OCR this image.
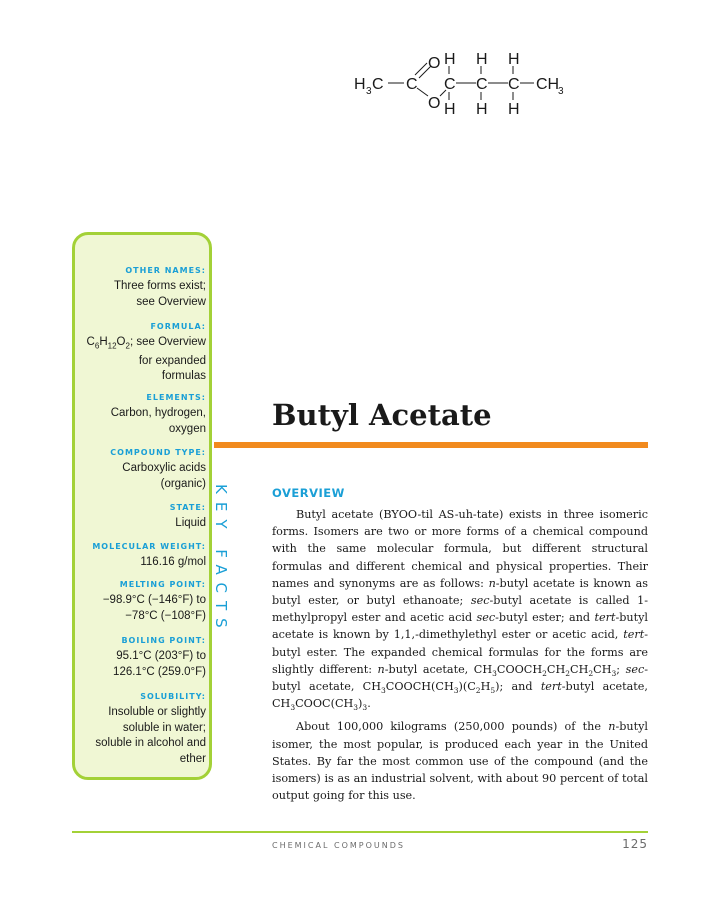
H 3 C C
O
O
C C C
H
H
H
H
H
H
CH
3
OTHER NAMES:
Three forms exist;
see Overview
FORMULA:
$C_6H_{12}O_2$; see Overview
for expanded
formulas
ELEMENTS:
Carbon, hydrogen,
oxygen
COMPOUND TYPE:
Carboxylic acids
(organic)
STATE:
Liquid
MOLECULAR WEIGHT:
116.16 g/mol
MELTING POINT:
−98.9°C (−146°F) to
−78°C (−108°F)
BOILING POINT:
95.1°C (203°F) to
126.1°C (259.0°F)
SOLUBILITY:
Insoluble or slightly
soluble in water;
soluble in alcohol and
ether
KEY FACTS
Butyl Acetate
OVERVIEW

Butyl acetate (BYOO-til AS-uh-tate) exists in three isomeric forms. Isomers are two or more forms of a chemical compound with the same molecular formula, but different structural formulas and different chemical and physical properties. Their names and synonyms are as follows: n-butyl acetate is known as butyl ester, or butyl ethanoate; sec-butyl acetate is called 1-methylpropyl ester and acetic acid sec-butyl ester; and tert-butyl acetate is known by 1,1,-dimethylethyl ester or acetic acid, tert-butyl ester. The expanded chemical formulas for the forms are slightly different: n-butyl acetate, $CH_3COOCH_2CH_2CH_2CH_3$; sec-butyl acetate, $CH_3COOCH(CH_3)(C_2H_5)$; and tert-butyl acetate, $CH_3COOC(CH_3)_3$.

About 100,000 kilograms (250,000 pounds) of the n-butyl isomer, the most popular, is produced each year in the United States. By far the most common use of the compound (and the isomers) is as an industrial solvent, with about 90 percent of total output going for this use.

CHEMICAL COMPOUNDS	125
